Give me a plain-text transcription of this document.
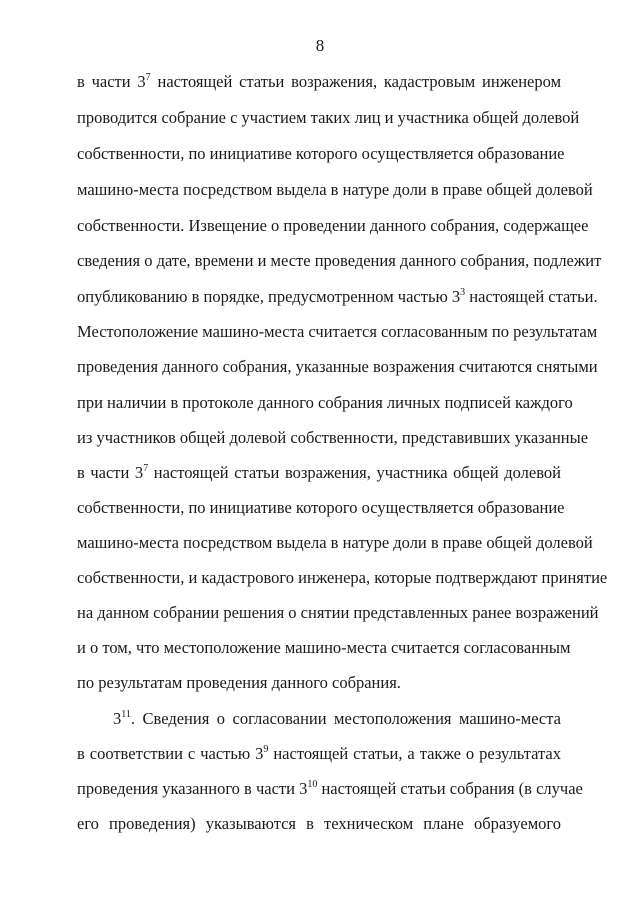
8
в части $3^7$ настоящей статьи возражения, кадастровым инженером
проводится собрание с участием таких лиц и участника общей долевой
собственности, по инициативе которого осуществляется образование
машино-места посредством выдела в натуре доли в праве общей долевой
собственности. Извещение о проведении данного собрания, содержащее
сведения о дате, времени и месте проведения данного собрания, подлежит
опубликованию в порядке, предусмотренном частью $3^3$ настоящей статьи.
Местоположение машино-места считается согласованным по результатам
проведения данного собрания, указанные возражения считаются снятыми
при наличии в протоколе данного собрания личных подписей каждого
из участников общей долевой собственности, представивших указанные
в части $3^7$ настоящей статьи возражения, участника общей долевой
собственности, по инициативе которого осуществляется образование
машино-места посредством выдела в натуре доли в праве общей долевой
собственности, и кадастрового инженера, которые подтверждают принятие
на данном собрании решения о снятии представленных ранее возражений
и о том, что местоположение машино-места считается согласованным
по результатам проведения данного собрания.
$3^{11}$. Сведения о согласовании местоположения машино-места
в соответствии с частью $3^9$ настоящей статьи, а также о результатах
проведения указанного в части $3^{10}$ настоящей статьи собрания (в случае
его проведения) указываются в техническом плане образуемого
